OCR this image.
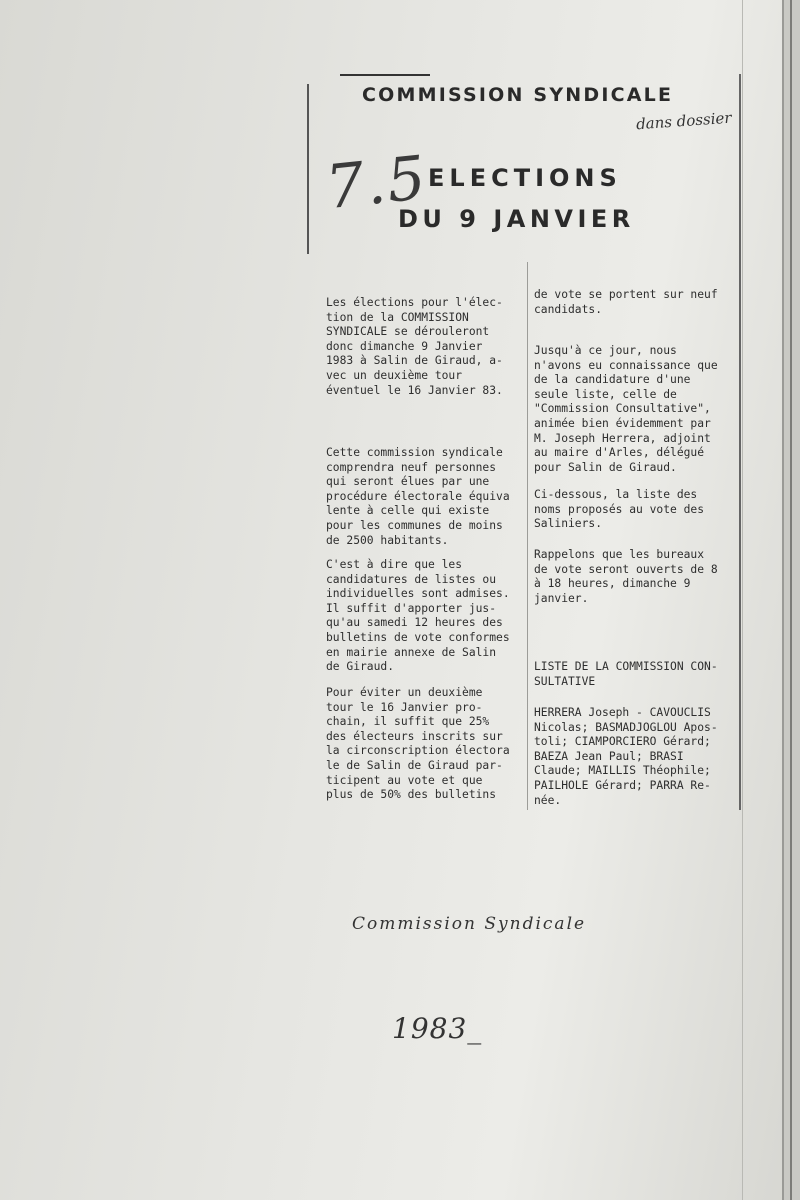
COMMISSION SYNDICALE
ELECTIONS
DU 9 JANVIER
dans dossier
7.5

Les élections pour l'élec-
tion de la COMMISSION
SYNDICALE se dérouleront
donc dimanche 9 Janvier
1983 à Salin de Giraud, a-
vec un deuxième tour
éventuel le 16 Janvier 83.

Cette commission syndicale
comprendra neuf personnes
qui seront élues par une
procédure électorale équiva
lente à celle qui existe
pour les communes de moins
de 2500 habitants.

C'est à dire que les
candidatures de listes ou
individuelles sont admises.
Il suffit d'apporter jus-
qu'au samedi 12 heures des
bulletins de vote conformes
en mairie annexe de Salin
de Giraud.

Pour éviter un deuxième
tour le 16 Janvier pro-
chain, il suffit que 25%
des électeurs inscrits sur
la circonscription électora
le de Salin de Giraud par-
ticipent au vote et que
plus de 50% des bulletins

de vote se portent sur neuf
candidats.

Jusqu'à ce jour, nous
n'avons eu connaissance que
de la candidature d'une
seule liste, celle de
"Commission Consultative",
animée bien évidemment par
M. Joseph Herrera, adjoint
au maire d'Arles, délégué
pour Salin de Giraud.

Ci-dessous, la liste des
noms proposés au vote des
Saliniers.

Rappelons que les bureaux
de vote seront ouverts de 8
à 18 heures, dimanche 9
janvier.

LISTE DE LA COMMISSION CON-
SULTATIVE

HERRERA Joseph - CAVOUCLIS
Nicolas; BASMADJOGLOU Apos-
toli; CIAMPORCIERO Gérard;
BAEZA Jean Paul; BRASI
Claude; MAILLIS Théophile;
PAILHOLE Gérard; PARRA Re-
née.

Commission Syndicale
1983_
